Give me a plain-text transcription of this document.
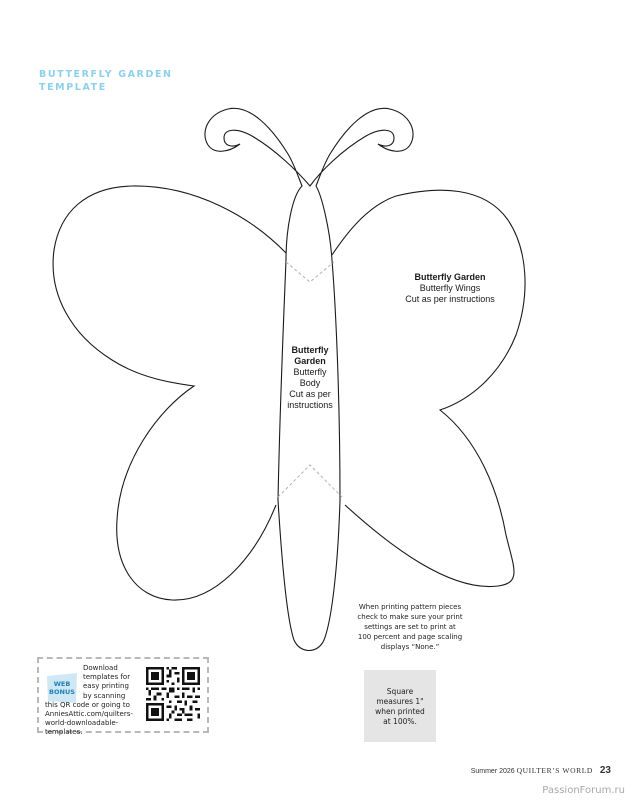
BUTTERFLY GARDEN
TEMPLATE
Butterfly Garden
Butterfly Wings
Cut as per instructions
Butterfly
Garden
Butterfly
Body
Cut as per
instructions
When printing pattern pieces
check to make sure your print
settings are set to print at
100 percent and page scaling
displays “None.”
WEB
BONUS
Download
templates for
easy printing
by scanning
this QR code or going to
AnniesAttic.com/quilters-
world-downloadable-
templates.
Square
measures 1"
when printed
at 100%.
Summer 2026 QUILTER’S WORLD 23
PassionForum.ru
